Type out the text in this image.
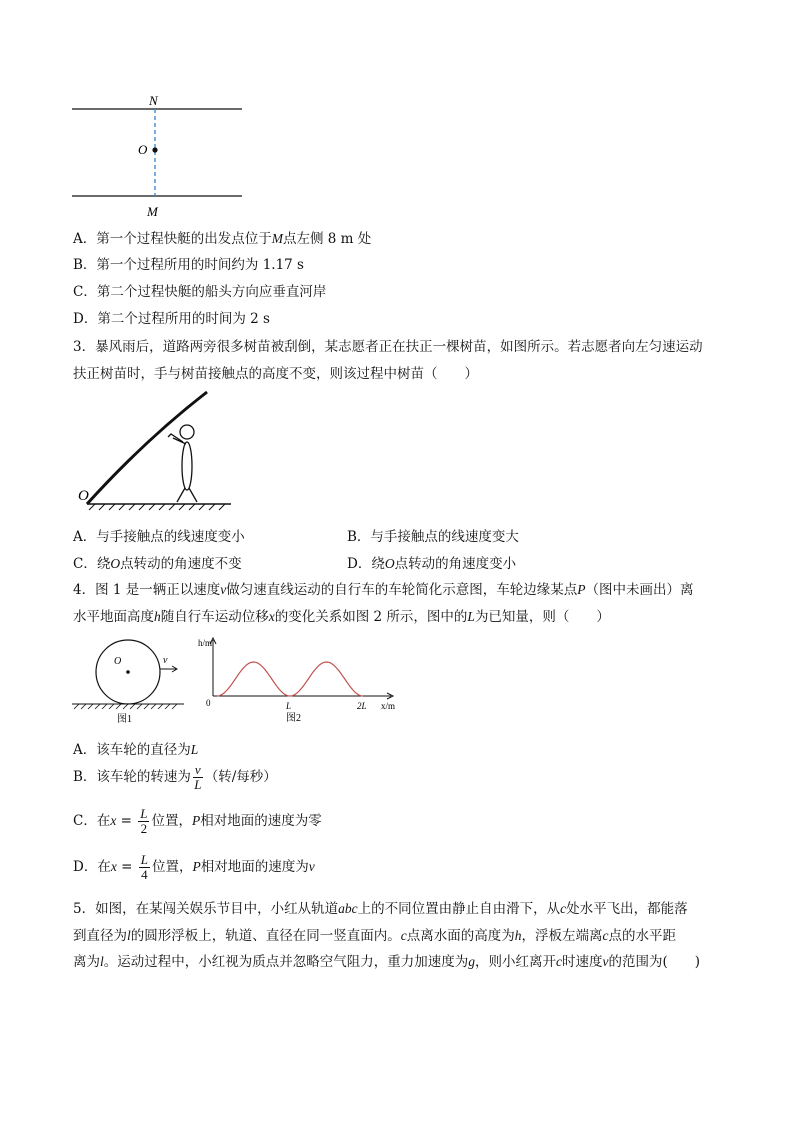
N
O
M
A．第一个过程快艇的出发点位于M点左侧 8 m 处
B．第一个过程所用的时间约为 1.17 s
C．第二个过程快艇的船头方向应垂直河岸
D．第二个过程所用的时间为 2 s
3．暴风雨后，道路两旁很多树苗被刮倒，某志愿者正在扶正一棵树苗，如图所示。若志愿者向左匀速运动
扶正树苗时，手与树苗接触点的高度不变，则该过程中树苗（　　）
O
A．与手接触点的线速度变小	B．与手接触点的线速度变大
C．绕O点转动的角速度不变	D．绕O点转动的角速度变小
4．图 1 是一辆正以速度v做匀速直线运动的自行车的车轮简化示意图，车轮边缘某点P（图中未画出）离
水平地面高度h随自行车运动位移x的变化关系如图 2 所示，图中的L为已知量，则（　　）
O	v
图1
h/m
x/m
0	L	2L
图2
A．该车轮的直径为L
B．该车轮的转速为 $\frac{v}{L}$ （转/每秒）
C．在$x = \frac{L}{2}$ 位置，P相对地面的速度为零
D．在$x = \frac{L}{4}$ 位置，P相对地面的速度为v
5．如图，在某闯关娱乐节目中，小红从轨道abc上的不同位置由静止自由滑下，从c处水平飞出，都能落
到直径为l的圆形浮板上，轨道、直径在同一竖直面内。c点离水面的高度为h，浮板左端离c点的水平距
离为l。运动过程中，小红视为质点并忽略空气阻力，重力加速度为g，则小红离开c时速度v的范围为(　　)
